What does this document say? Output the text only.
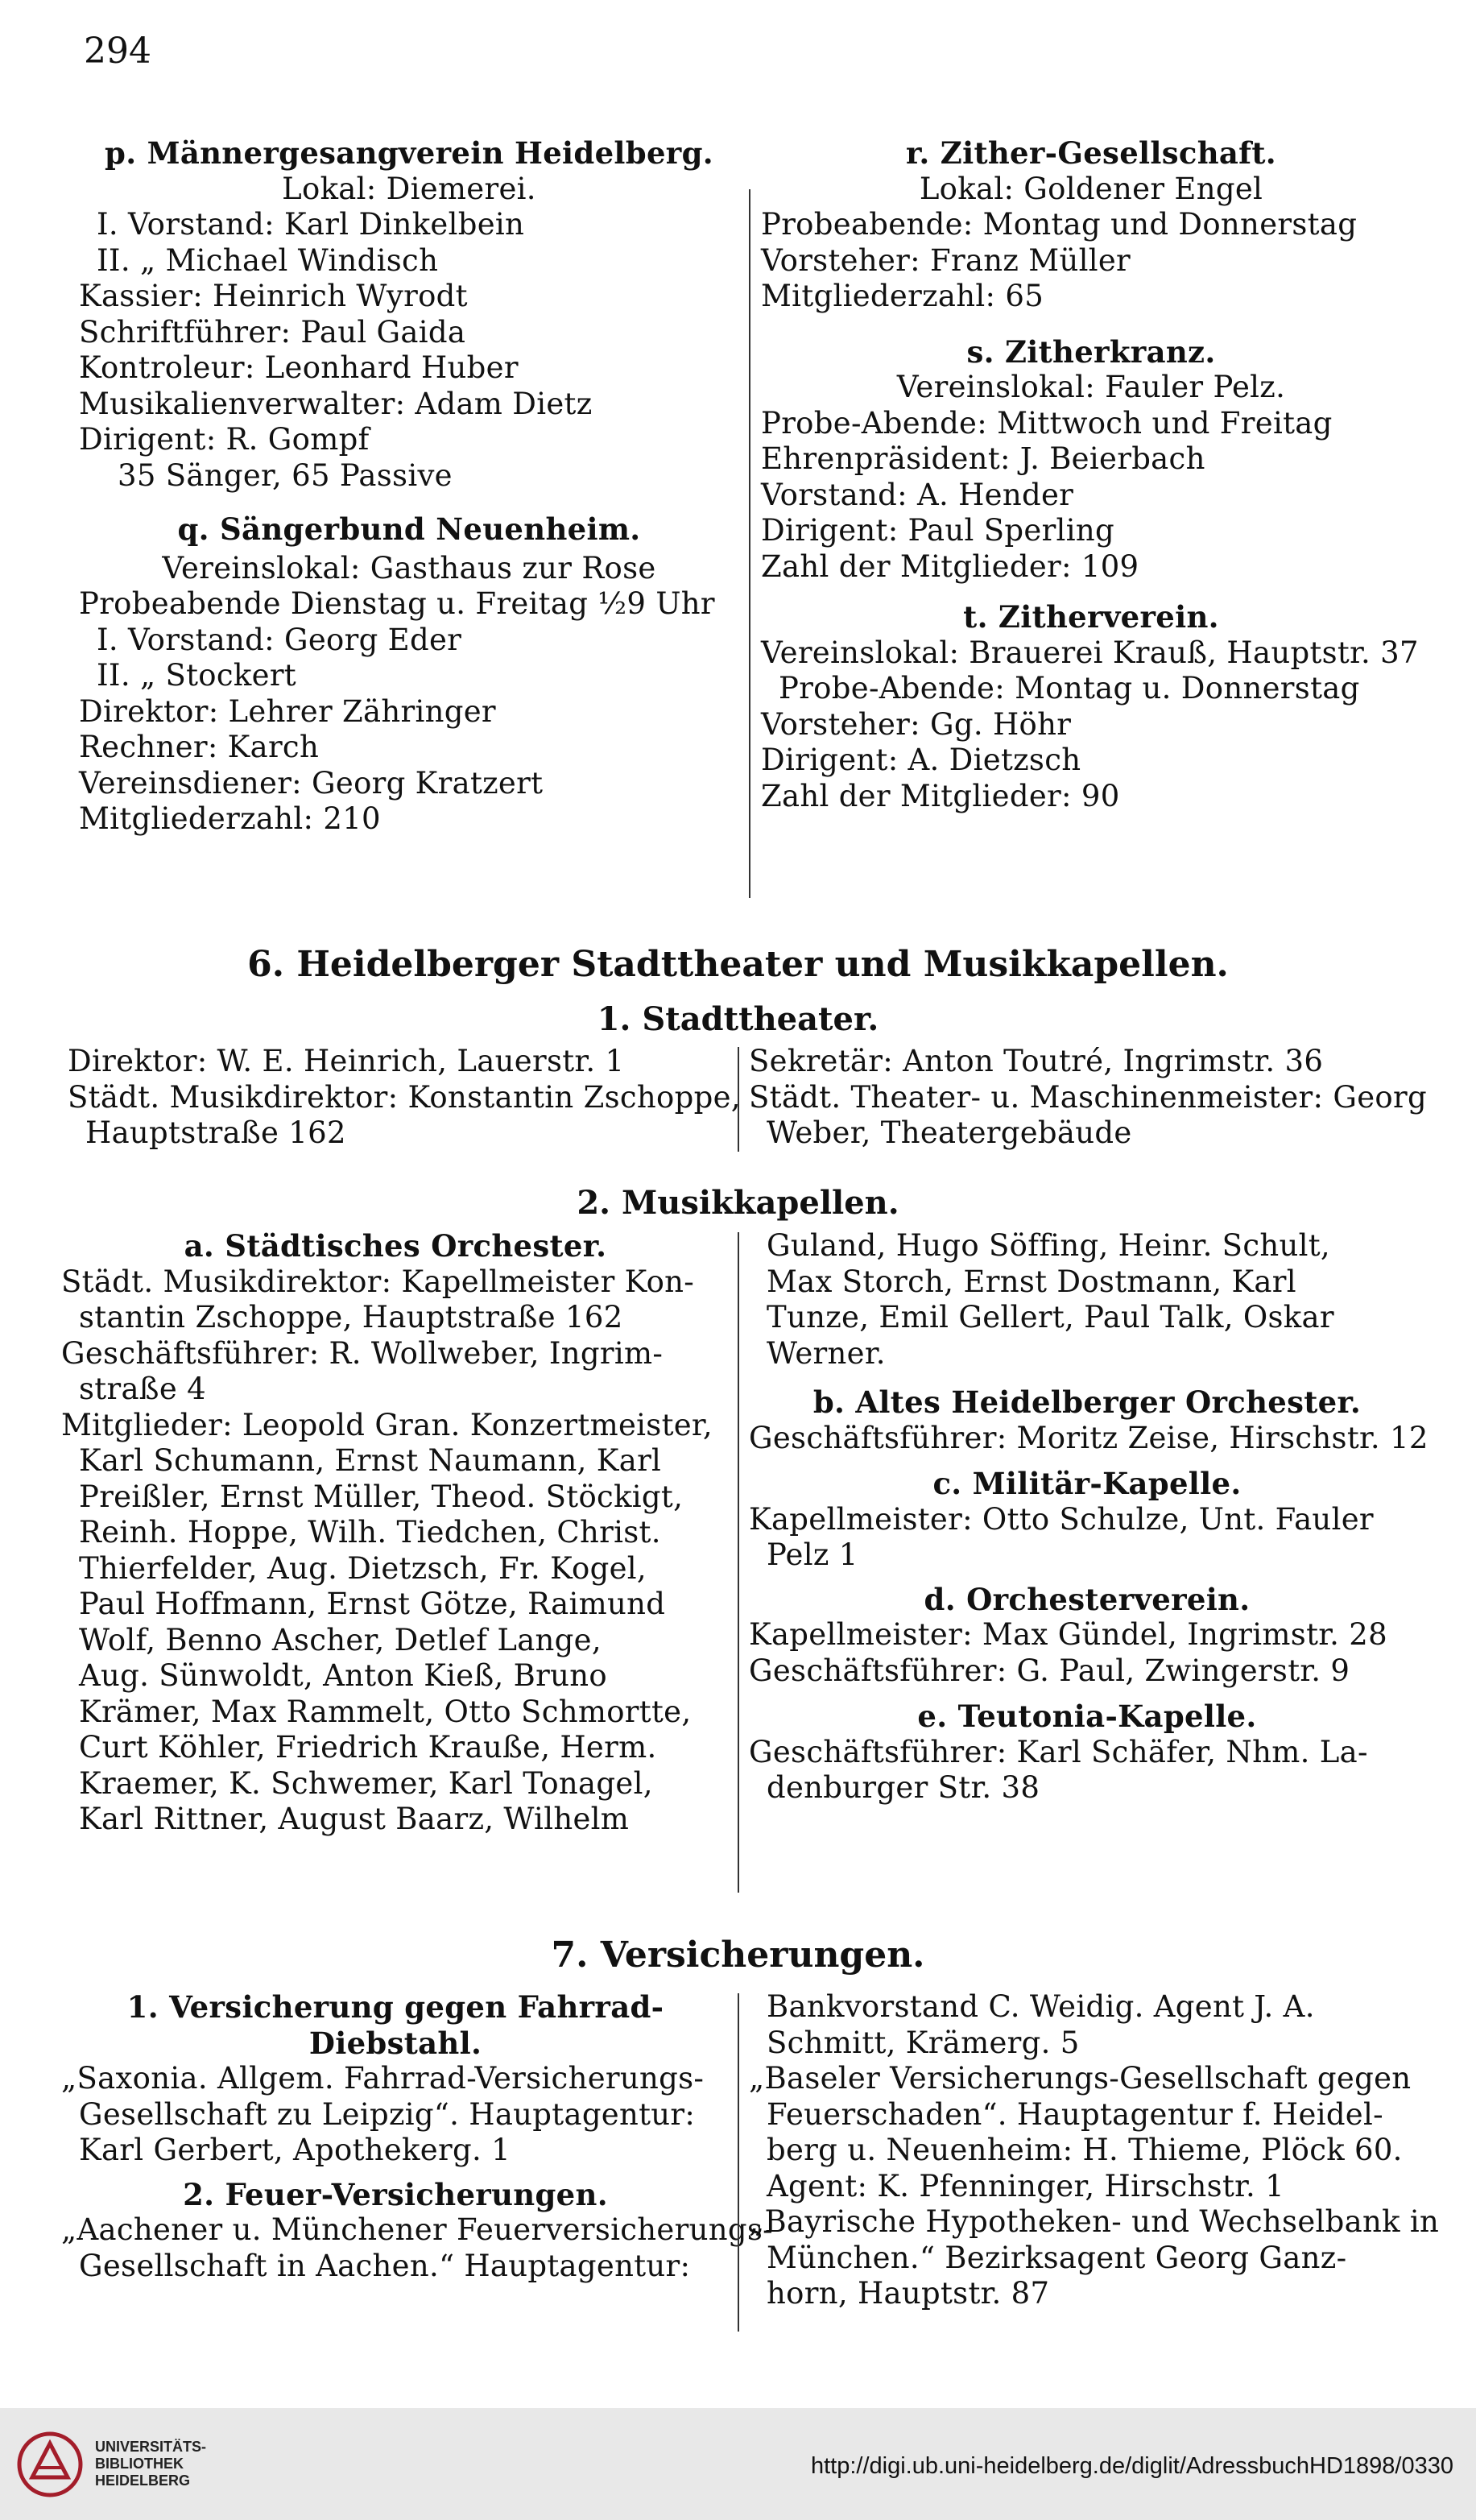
294
p. Männergesangverein Heidelberg.
Lokal: Diemerei.
I. Vorstand: Karl Dinkelbein
II. „ Michael Windisch
Kassier: Heinrich Wyrodt
Schriftführer: Paul Gaida
Kontroleur: Leonhard Huber
Musikalienverwalter: Adam Dietz
Dirigent: R. Gompf
35 Sänger, 65 Passive
q. Sängerbund Neuenheim.
Vereinslokal: Gasthaus zur Rose
Probeabende Dienstag u. Freitag ½9 Uhr
I. Vorstand: Georg Eder
II. „ Stockert
Direktor: Lehrer Zähringer
Rechner: Karch
Vereinsdiener: Georg Kratzert
Mitgliederzahl: 210
r. Zither-Gesellschaft.
Lokal: Goldener Engel
Probeabende: Montag und Donnerstag
Vorsteher: Franz Müller
Mitgliederzahl: 65
s. Zitherkranz.
Vereinslokal: Fauler Pelz.
Probe-Abende: Mittwoch und Freitag
Ehrenpräsident: J. Beierbach
Vorstand: A. Hender
Dirigent: Paul Sperling
Zahl der Mitglieder: 109
t. Zitherverein.
Vereinslokal: Brauerei Krauß, Hauptstr. 37
Probe-Abende: Montag u. Donnerstag
Vorsteher: Gg. Höhr
Dirigent: A. Dietzsch
Zahl der Mitglieder: 90
6. Heidelberger Stadttheater und Musikkapellen.
1. Stadttheater.
Direktor: W. E. Heinrich, Lauerstr. 1
Städt. Musikdirektor: Konstantin Zschoppe,
Hauptstraße 162
Sekretär: Anton Toutré, Ingrimstr. 36
Städt. Theater- u. Maschinenmeister: Georg
Weber, Theatergebäude
2. Musikkapellen.
a. Städtisches Orchester.
Städt. Musikdirektor: Kapellmeister Kon-
stantin Zschoppe, Hauptstraße 162
Geschäftsführer: R. Wollweber, Ingrim-
straße 4
Mitglieder: Leopold Gran. Konzertmeister,
Karl Schumann, Ernst Naumann, Karl
Preißler, Ernst Müller, Theod. Stöckigt,
Reinh. Hoppe, Wilh. Tiedchen, Christ.
Thierfelder, Aug. Dietzsch, Fr. Kogel,
Paul Hoffmann, Ernst Götze, Raimund
Wolf, Benno Ascher, Detlef Lange,
Aug. Sünwoldt, Anton Kieß, Bruno
Krämer, Max Rammelt, Otto Schmortte,
Curt Köhler, Friedrich Krauße, Herm.
Kraemer, K. Schwemer, Karl Tonagel,
Karl Rittner, August Baarz, Wilhelm
Guland, Hugo Söffing, Heinr. Schult,
Max Storch, Ernst Dostmann, Karl
Tunze, Emil Gellert, Paul Talk, Oskar
Werner.
b. Altes Heidelberger Orchester.
Geschäftsführer: Moritz Zeise, Hirschstr. 12
c. Militär-Kapelle.
Kapellmeister: Otto Schulze, Unt. Fauler
Pelz 1
d. Orchesterverein.
Kapellmeister: Max Gündel, Ingrimstr. 28
Geschäftsführer: G. Paul, Zwingerstr. 9
e. Teutonia-Kapelle.
Geschäftsführer: Karl Schäfer, Nhm. La-
denburger Str. 38
7. Versicherungen.
1. Versicherung gegen Fahrrad-
Diebstahl.
„Saxonia. Allgem. Fahrrad-Versicherungs-
Gesellschaft zu Leipzig“. Hauptagentur:
Karl Gerbert, Apothekerg. 1
2. Feuer-Versicherungen.
„Aachener u. Münchener Feuerversicherungs-
Gesellschaft in Aachen.“ Hauptagentur:
Bankvorstand C. Weidig. Agent J. A.
Schmitt, Krämerg. 5
„Baseler Versicherungs-Gesellschaft gegen
Feuerschaden“. Hauptagentur f. Heidel-
berg u. Neuenheim: H. Thieme, Plöck 60.
Agent: K. Pfenninger, Hirschstr. 1
„Bayrische Hypotheken- und Wechselbank in
München.“ Bezirksagent Georg Ganz-
horn, Hauptstr. 87
UNIVERSITÄTS-
BIBLIOTHEK
HEIDELBERG
http://digi.ub.uni-heidelberg.de/diglit/AdressbuchHD1898/0330
